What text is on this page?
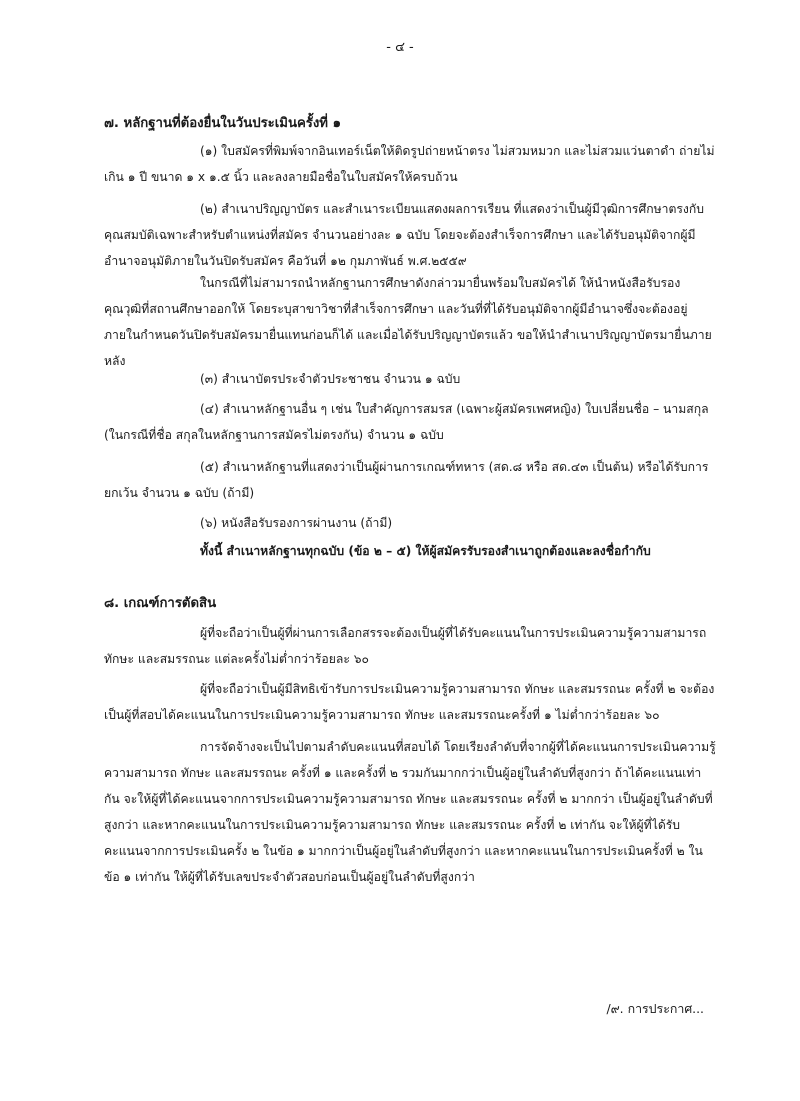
- ๔ -
๗. หลักฐานที่ต้องยื่นในวันประเมินครั้งที่ ๑

(๑) ใบสมัครที่พิมพ์จากอินเทอร์เน็ตให้ติดรูปถ่ายหน้าตรง ไม่สวมหมวก และไม่สวมแว่นตาดำ ถ่ายไม่เกิน ๑ ปี ขนาด ๑ x ๑.๕ นิ้ว และลงลายมือชื่อในใบสมัครให้ครบถ้วน

(๒) สำเนาปริญญาบัตร และสำเนาระเบียนแสดงผลการเรียน ที่แสดงว่าเป็นผู้มีวุฒิการศึกษาตรงกับคุณสมบัติเฉพาะสำหรับตำแหน่งที่สมัคร จำนวนอย่างละ ๑ ฉบับ โดยจะต้องสำเร็จการศึกษา และได้รับอนุมัติจากผู้มีอำนาจอนุมัติภายในวันปิดรับสมัคร คือวันที่ ๑๒ กุมภาพันธ์ พ.ศ.๒๕๕๙

ในกรณีที่ไม่สามารถนำหลักฐานการศึกษาดังกล่าวมายื่นพร้อมใบสมัครได้ ให้นำหนังสือรับรองคุณวุฒิที่สถานศึกษาออกให้ โดยระบุสาขาวิชาที่สำเร็จการศึกษา และวันที่ที่ได้รับอนุมัติจากผู้มีอำนาจซึ่งจะต้องอยู่ภายในกำหนดวันปิดรับสมัครมายื่นแทนก่อนก็ได้ และเมื่อได้รับปริญญาบัตรแล้ว ขอให้นำสำเนาปริญญาบัตรมายื่นภายหลัง

(๓) สำเนาบัตรประจำตัวประชาชน จำนวน ๑ ฉบับ

(๔) สำเนาหลักฐานอื่น ๆ เช่น ใบสำคัญการสมรส (เฉพาะผู้สมัครเพศหญิง) ใบเปลี่ยนชื่อ – นามสกุล (ในกรณีที่ชื่อ สกุลในหลักฐานการสมัครไม่ตรงกัน) จำนวน ๑ ฉบับ

(๕) สำเนาหลักฐานที่แสดงว่าเป็นผู้ผ่านการเกณฑ์ทหาร (สด.๘ หรือ สด.๔๓ เป็นต้น) หรือได้รับการยกเว้น จำนวน ๑ ฉบับ (ถ้ามี)

(๖) หนังสือรับรองการผ่านงาน (ถ้ามี)

ทั้งนี้ สำเนาหลักฐานทุกฉบับ (ข้อ ๒ – ๕) ให้ผู้สมัครรับรองสำเนาถูกต้องและลงชื่อกำกับ

๘. เกณฑ์การตัดสิน

ผู้ที่จะถือว่าเป็นผู้ที่ผ่านการเลือกสรรจะต้องเป็นผู้ที่ได้รับคะแนนในการประเมินความรู้ความสามารถ ทักษะ และสมรรถนะ แต่ละครั้งไม่ต่ำกว่าร้อยละ ๖๐

ผู้ที่จะถือว่าเป็นผู้มีสิทธิเข้ารับการประเมินความรู้ความสามารถ ทักษะ และสมรรถนะ ครั้งที่ ๒ จะต้องเป็นผู้ที่สอบได้คะแนนในการประเมินความรู้ความสามารถ ทักษะ และสมรรถนะครั้งที่ ๑ ไม่ต่ำกว่าร้อยละ ๖๐

การจัดจ้างจะเป็นไปตามลำดับคะแนนที่สอบได้ โดยเรียงลำดับที่จากผู้ที่ได้คะแนนการประเมินความรู้ความสามารถ ทักษะ และสมรรถนะ ครั้งที่ ๑ และครั้งที่ ๒ รวมกันมากกว่าเป็นผู้อยู่ในลำดับที่สูงกว่า ถ้าได้คะแนนเท่ากัน จะให้ผู้ที่ได้คะแนนจากการประเมินความรู้ความสามารถ ทักษะ และสมรรถนะ ครั้งที่ ๒ มากกว่า เป็นผู้อยู่ในลำดับที่สูงกว่า และหากคะแนนในการประเมินความรู้ความสามารถ ทักษะ และสมรรถนะ ครั้งที่ ๒ เท่ากัน จะให้ผู้ที่ได้รับคะแนนจากการประเมินครั้ง ๒ ในข้อ ๑ มากกว่าเป็นผู้อยู่ในลำดับที่สูงกว่า และหากคะแนนในการประเมินครั้งที่ ๒ ในข้อ ๑ เท่ากัน ให้ผู้ที่ได้รับเลขประจำตัวสอบก่อนเป็นผู้อยู่ในลำดับที่สูงกว่า

/๙. การประกาศ...
